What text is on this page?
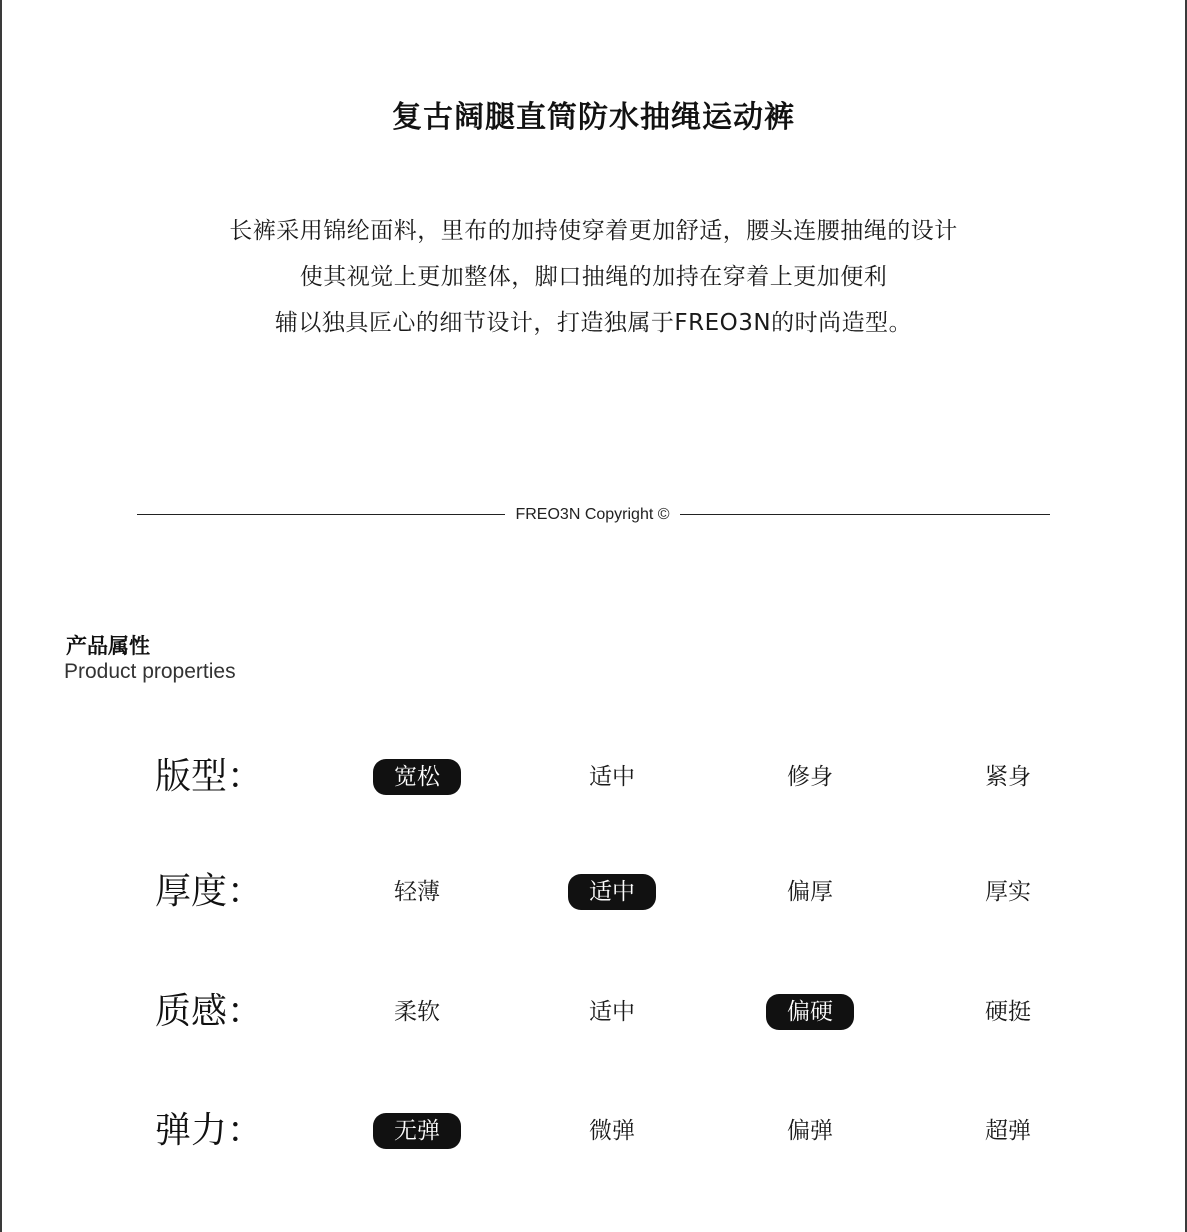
复古阔腿直筒防水抽绳运动裤
长裤采用锦纶面料，里布的加持使穿着更加舒适，腰头连腰抽绳的设计
使其视觉上更加整体，脚口抽绳的加持在穿着上更加便利
辅以独具匠心的细节设计，打造独属于FREO3N的时尚造型。
FREO3N Copyright ©
产品属性
Product properties
版型：	宽松	适中	修身	紧身
厚度：	轻薄	适中	偏厚	厚实
质感：	柔软	适中	偏硬	硬挺
弹力：	无弹	微弹	偏弹	超弹
